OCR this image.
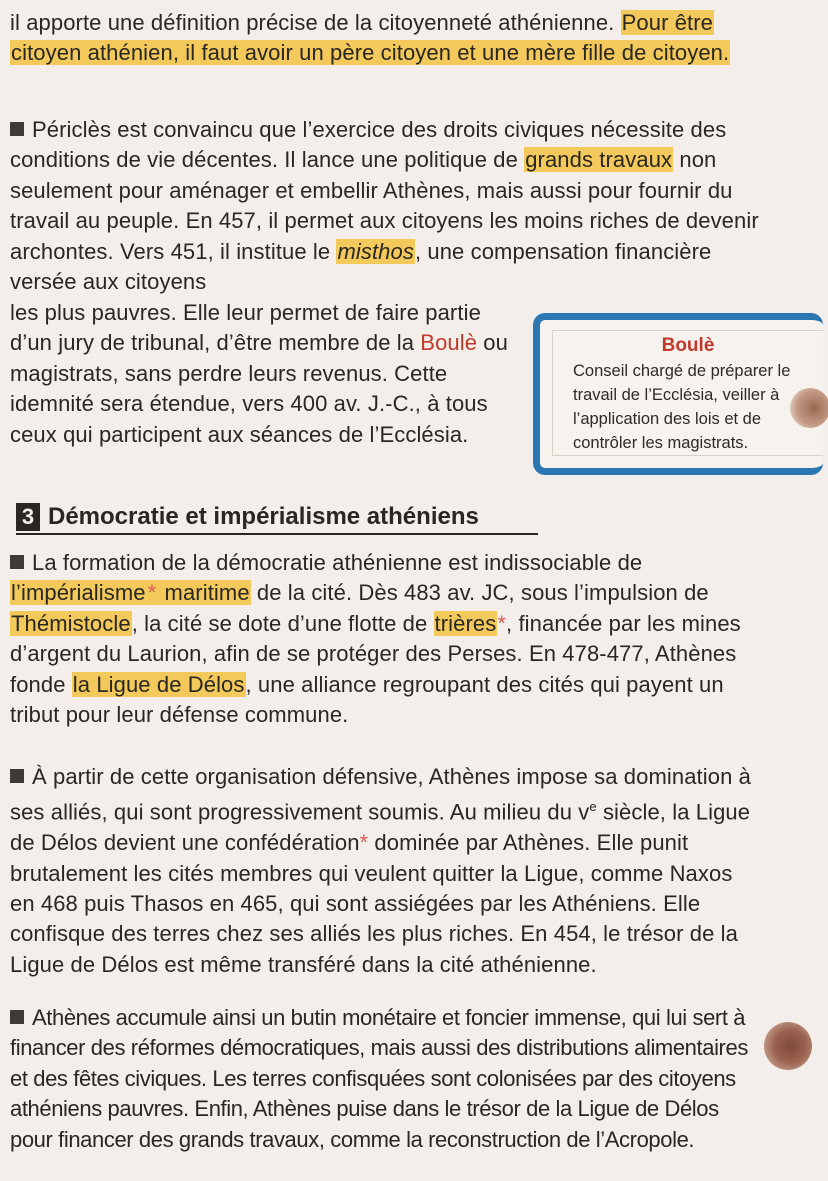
il apporte une définition précise de la citoyenneté athénienne. Pour être citoyen athénien, il faut avoir un père citoyen et une mère fille de citoyen.

Périclès est convaincu que l’exercice des droits civiques nécessite des conditions de vie décentes. Il lance une politique de grands travaux non seulement pour aménager et embellir Athènes, mais aussi pour fournir du travail au peuple. En 457, il permet aux citoyens les moins riches de devenir archontes. Vers 451, il institue le misthos, une compensation financière versée aux citoyens

les plus pauvres. Elle leur permet de faire partie d’un jury de tribunal, d’être membre de la Boulè ou magistrats, sans perdre leurs revenus. Cette idemnité sera étendue, vers 400 av. J.-C., à tous ceux qui participent aux séances de l’Ecclésia.

Boulè
Conseil chargé de préparer le travail de l’Ecclésia, veiller à l’application des lois et de contrôler les magistrats.
3 Démocratie et impérialisme athéniens

La formation de la démocratie athénienne est indissociable de l’impérialisme* maritime de la cité. Dès 483 av. JC, sous l’impulsion de Thémistocle, la cité se dote d’une flotte de trières*, financée par les mines d’argent du Laurion, afin de se protéger des Perses. En 478-477, Athènes fonde la Ligue de Délos, une alliance regroupant des cités qui payent un tribut pour leur défense commune.

À partir de cette organisation défensive, Athènes impose sa domination à ses alliés, qui sont progressivement soumis. Au milieu du $v^e$ siècle, la Ligue de Délos devient une confédération* dominée par Athènes. Elle punit brutalement les cités membres qui veulent quitter la Ligue, comme Naxos en 468 puis Thasos en 465, qui sont assiégées par les Athéniens. Elle confisque des terres chez ses alliés les plus riches. En 454, le trésor de la Ligue de Délos est même transféré dans la cité athénienne.

Athènes accumule ainsi un butin monétaire et foncier immense, qui lui sert à financer des réformes démocratiques, mais aussi des distributions alimentaires et des fêtes civiques. Les terres confisquées sont colonisées par des citoyens athéniens pauvres. Enfin, Athènes puise dans le trésor de la Ligue de Délos pour financer des grands travaux, comme la reconstruction de l’Acropole.
